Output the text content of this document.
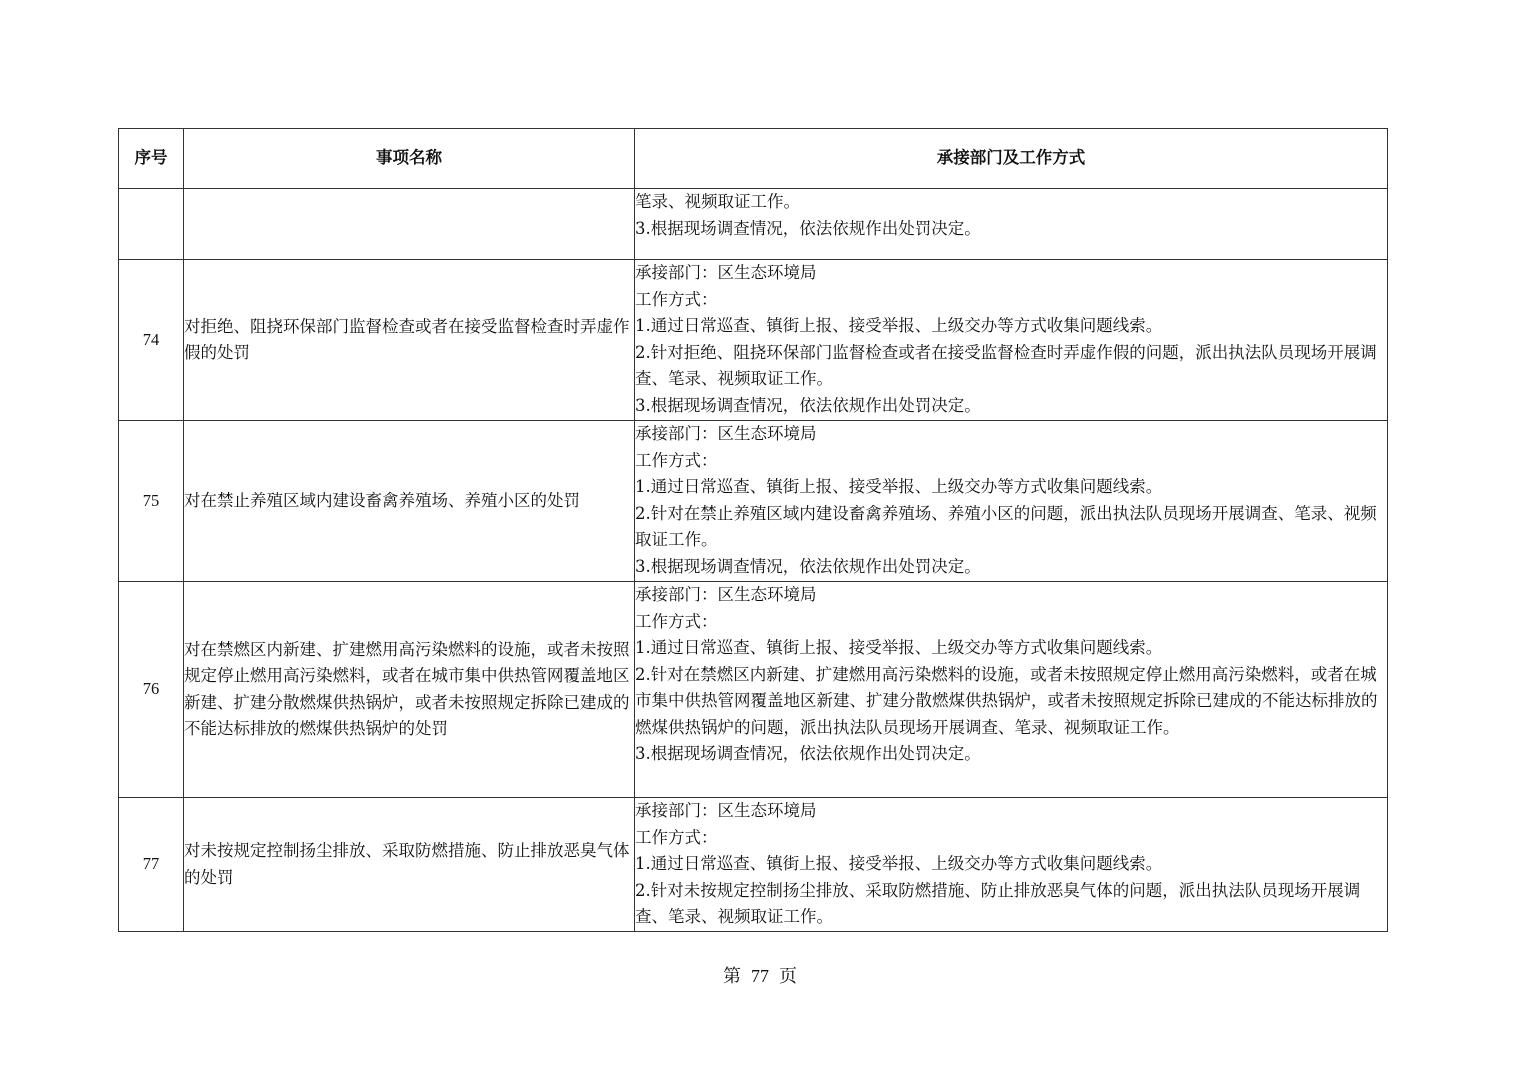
序号	事项名称	承接部门及工作方式

		笔录、视频取证工作。
3.根据现场调查情况，依法依规作出处罚决定。

74	对拒绝、阻挠环保部门监督检查或者在接受监督检查时弄虚作假的处罚	承接部门：区生态环境局
工作方式：
1.通过日常巡查、镇街上报、接受举报、上级交办等方式收集问题线索。
2.针对拒绝、阻挠环保部门监督检查或者在接受监督检查时弄虚作假的问题，派出执法队员现场开展调查、笔录、视频取证工作。
3.根据现场调查情况，依法依规作出处罚决定。

75	对在禁止养殖区域内建设畜禽养殖场、养殖小区的处罚	承接部门：区生态环境局
工作方式：
1.通过日常巡查、镇街上报、接受举报、上级交办等方式收集问题线索。
2.针对在禁止养殖区域内建设畜禽养殖场、养殖小区的问题，派出执法队员现场开展调查、笔录、视频取证工作。
3.根据现场调查情况，依法依规作出处罚决定。

76	对在禁燃区内新建、扩建燃用高污染燃料的设施，或者未按照规定停止燃用高污染燃料，或者在城市集中供热管网覆盖地区新建、扩建分散燃煤供热锅炉，或者未按照规定拆除已建成的不能达标排放的燃煤供热锅炉的处罚	承接部门：区生态环境局
工作方式：
1.通过日常巡查、镇街上报、接受举报、上级交办等方式收集问题线索。
2.针对在禁燃区内新建、扩建燃用高污染燃料的设施，或者未按照规定停止燃用高污染燃料，或者在城市集中供热管网覆盖地区新建、扩建分散燃煤供热锅炉，或者未按照规定拆除已建成的不能达标排放的燃煤供热锅炉的问题，派出执法队员现场开展调查、笔录、视频取证工作。
3.根据现场调查情况，依法依规作出处罚决定。

77	对未按规定控制扬尘排放、采取防燃措施、防止排放恶臭气体的处罚	承接部门：区生态环境局
工作方式：
1.通过日常巡查、镇街上报、接受举报、上级交办等方式收集问题线索。
2.针对未按规定控制扬尘排放、采取防燃措施、防止排放恶臭气体的问题，派出执法队员现场开展调查、笔录、视频取证工作。
第 77 页
